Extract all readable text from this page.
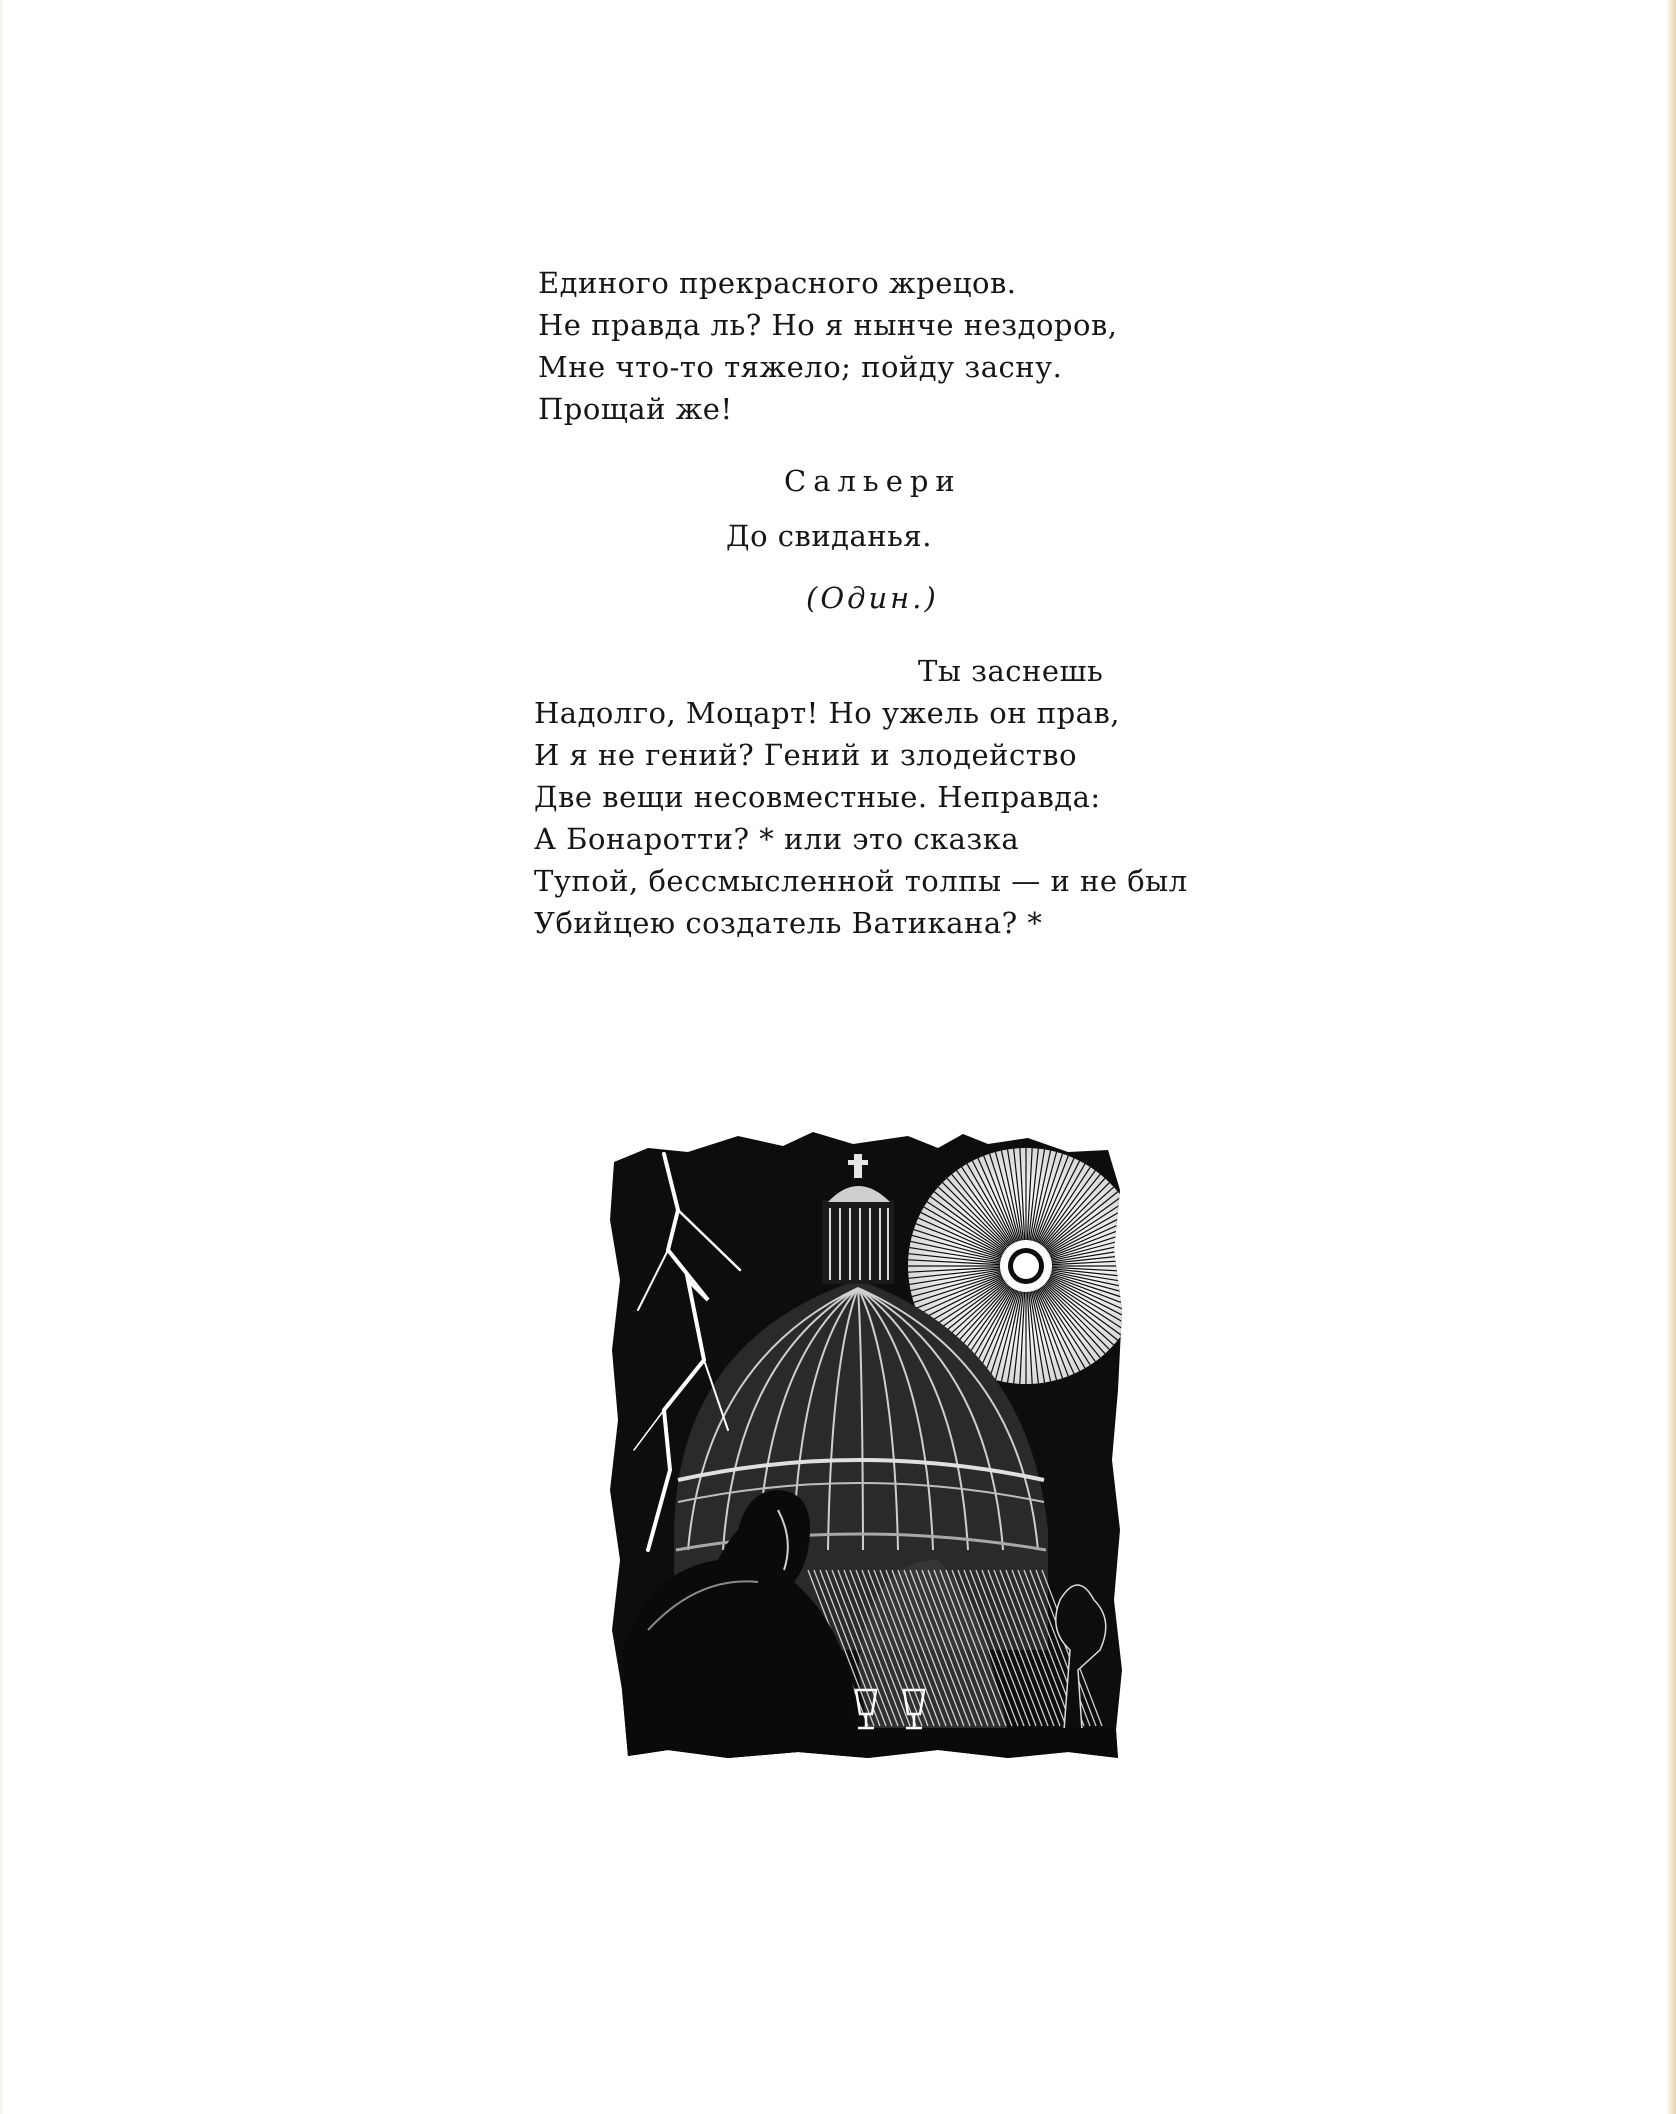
Единого прекрасного жрецов.
Не правда ль? Но я нынче нездоров,
Мне что-то тяжело; пойду засну.
Прощай же!
Сальери
До свиданья.
(Один.)
Ты заснешь
Надолго, Моцарт! Но ужель он прав,
И я не гений? Гений и злодейство
Две вещи несовместные. Неправда:
А Бонаротти? * или это сказка
Тупой, бессмысленной толпы — и не был
Убийцею создатель Ватикана? *
